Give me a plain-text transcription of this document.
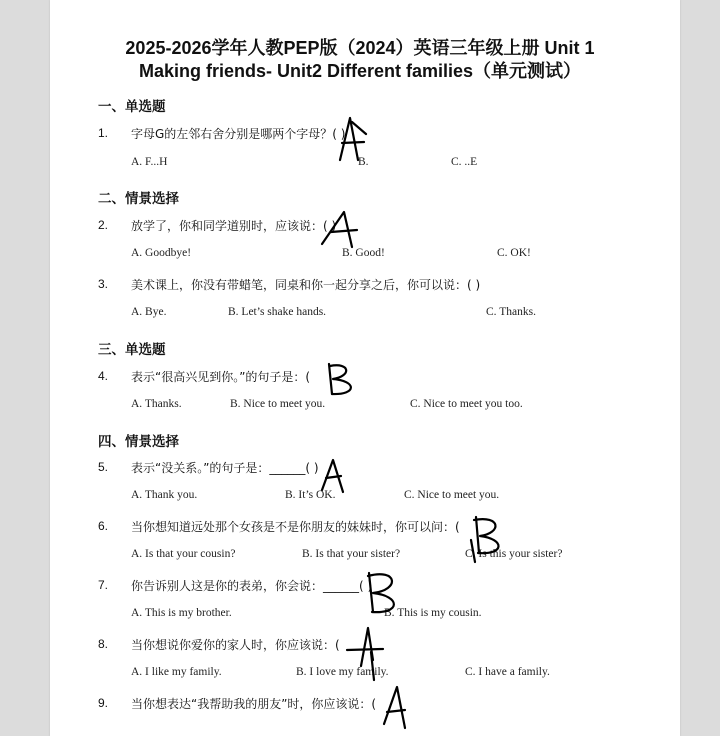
2025-2026学年人教PEP版（2024）英语三年级上册 Unit 1
Making friends- Unit2 Different families（单元测试）
一、单选题
1. 字母G的左邻右舍分别是哪两个字母？( )
A. F...H	B.	C. ..E
二、情景选择
2. 放学了，你和同学道别时，应该说：( )
A. Goodbye!	B. Good!	C. OK!
3. 美术课上，你没有带蜡笔，同桌和你一起分享之后，你可以说：( )
A. Bye.	B. Let’s shake hands.	C. Thanks.
三、单选题
4. 表示“很高兴见到你。”的句子是：(
A. Thanks.	B. Nice to meet you.	C. Nice to meet you too.
四、情景选择
5. 表示“没关系。”的句子是：______( )
A. Thank you.	B. It’s OK.	C. Nice to meet you.
6. 当你想知道远处那个女孩是不是你朋友的妹妹时，你可以问：(
A. Is that your cousin?	B. Is that your sister?	C. Is this your sister?
7. 你告诉别人这是你的表弟，你会说：______( )
A. This is my brother.	B. This is my cousin.
8. 当你想说你爱你的家人时，你应该说：(
A. I like my family.	B. I love my family.	C. I have a family.
9. 当你想表达“我帮助我的朋友”时，你应该说：(
